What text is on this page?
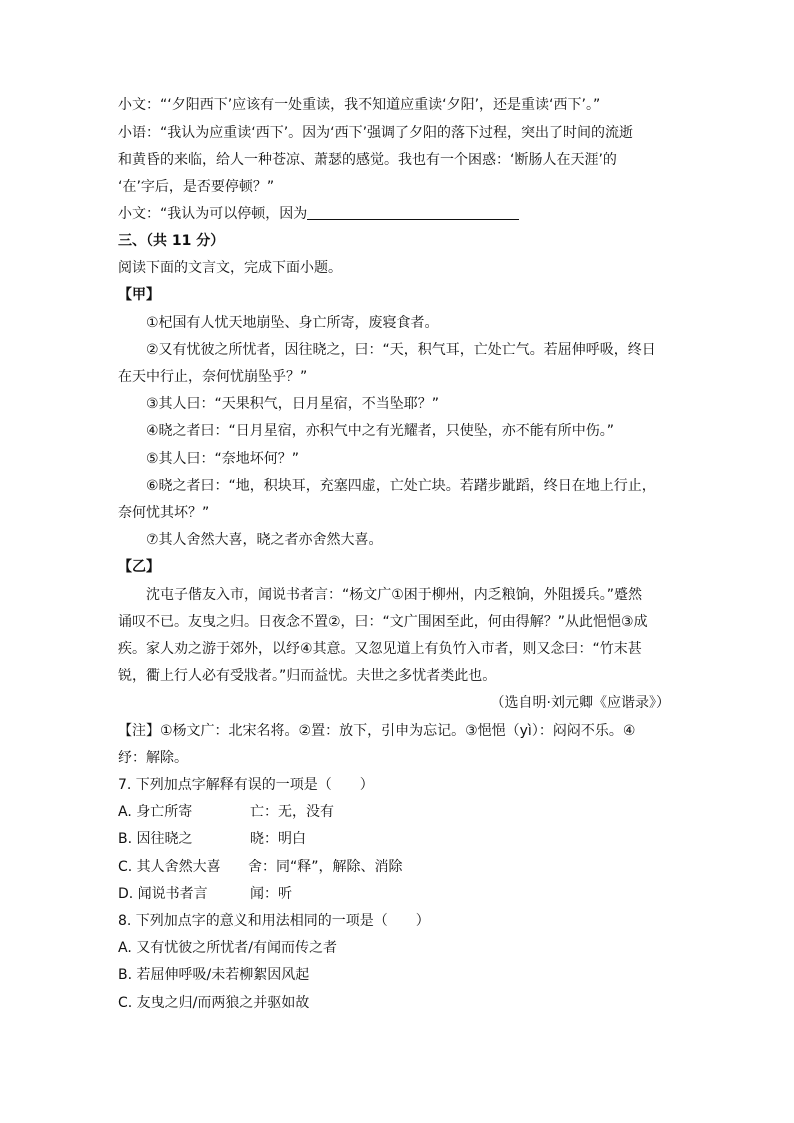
小文：“‘夕阳西下’应该有一处重读，我不知道应重读‘夕阳’，还是重读‘西下’。”
小语：“我认为应重读‘西下’。因为‘西下’强调了夕阳的落下过程，突出了时间的流逝
和黄昏的来临，给人一种苍凉、萧瑟的感觉。我也有一个困惑：‘断肠人在天涯’的
‘在’字后，是否要停顿？”
小文：“我认为可以停顿，因为
三、（共 11 分）
阅读下面的文言文，完成下面小题。
【甲】
①杞国有人忧天地崩坠、身亡所寄，废寝食者。
②又有忧彼之所忧者，因往晓之，曰：“天，积气耳，亡处亡气。若屈伸呼吸，终日
在天中行止，奈何忧崩坠乎？”
③其人曰：“天果积气，日月星宿，不当坠耶？”
④晓之者曰：“日月星宿，亦积气中之有光耀者，只使坠，亦不能有所中伤。”
⑤其人曰：“奈地坏何？”
⑥晓之者曰：“地，积块耳，充塞四虚，亡处亡块。若躇步跐蹈，终日在地上行止，
奈何忧其坏？”
⑦其人舍然大喜，晓之者亦舍然大喜。
【乙】
沈屯子偕友入市，闻说书者言：“杨文广①困于柳州，内乏粮饷，外阻援兵。”蹙然
诵叹不已。友曳之归。日夜念不置②，曰：“文广围困至此，何由得解？”从此悒悒③成
疾。家人劝之游于郊外，以纾④其意。又忽见道上有负竹入市者，则又念曰：“竹末甚
锐，衢上行人必有受戕者。”归而益忧。夫世之多忧者类此也。
（选自明·刘元卿《应谐录》）
【注】①杨文广：北宋名将。②置：放下，引申为忘记。③悒悒（yì）：闷闷不乐。④
纾：解除。
7. 下列加点字解释有误的一项是（　　）
A. 身亡所寄	亡：无，没有
B. 因往晓之	晓：明白
C. 其人舍然大喜 舍：同“释”，解除、消除
D. 闻说书者言	闻：听
8. 下列加点字的意义和用法相同的一项是（　　）
A. 又有忧彼之所忧者/有闻而传之者
B. 若屈伸呼吸/未若柳絮因风起
C. 友曳之归/而两狼之并驱如故
